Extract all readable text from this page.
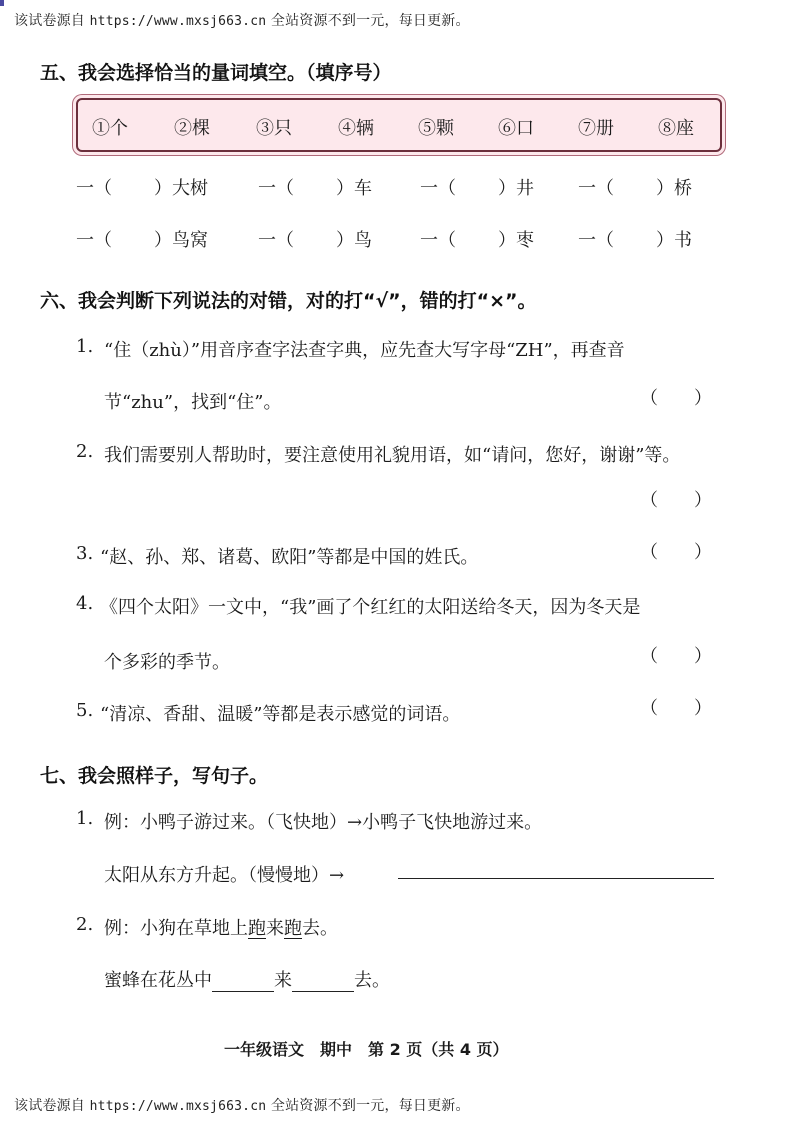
该试卷源自 https://www.mxsj663.cn 全站资源不到一元，每日更新。
五、我会选择恰当的量词填空。（填序号）
①个	②棵	③只	④辆 ⑤颗 ⑥口 ⑦册 ⑧座
一（ ）大树	一（ ）车	一（ ）井 一（ ）桥
一（ ）鸟窝	一（ ）鸟	一（ ）枣 一（ ）书
六、我会判断下列说法的对错，对的打“√”，错的打“×”。
1. “住（zhù）”用音序查字法查字典，应先查大写字母“ZH”，再查音
节“zhu”，找到“住”。	（　　）
2. 我们需要别人帮助时，要注意使用礼貌用语，如“请问，您好，谢谢”等。
（　　）
3. “赵、孙、郑、诸葛、欧阳”等都是中国的姓氏。	（　　）
4. 《四个太阳》一文中，“我”画了个红红的太阳送给冬天，因为冬天是
个多彩的季节。	（　　）
5. “清凉、香甜、温暖”等都是表示感觉的词语。	（　　）
七、我会照样子，写句子。
1. 例：小鸭子游过来。（飞快地）→小鸭子飞快地游过来。
太阳从东方升起。（慢慢地）→
2. 例：小狗在草地上跑来跑去。
蜜蜂在花丛中	来	去。
一年级语文　期中　第 2 页（共 4 页）
该试卷源自 https://www.mxsj663.cn 全站资源不到一元，每日更新。
